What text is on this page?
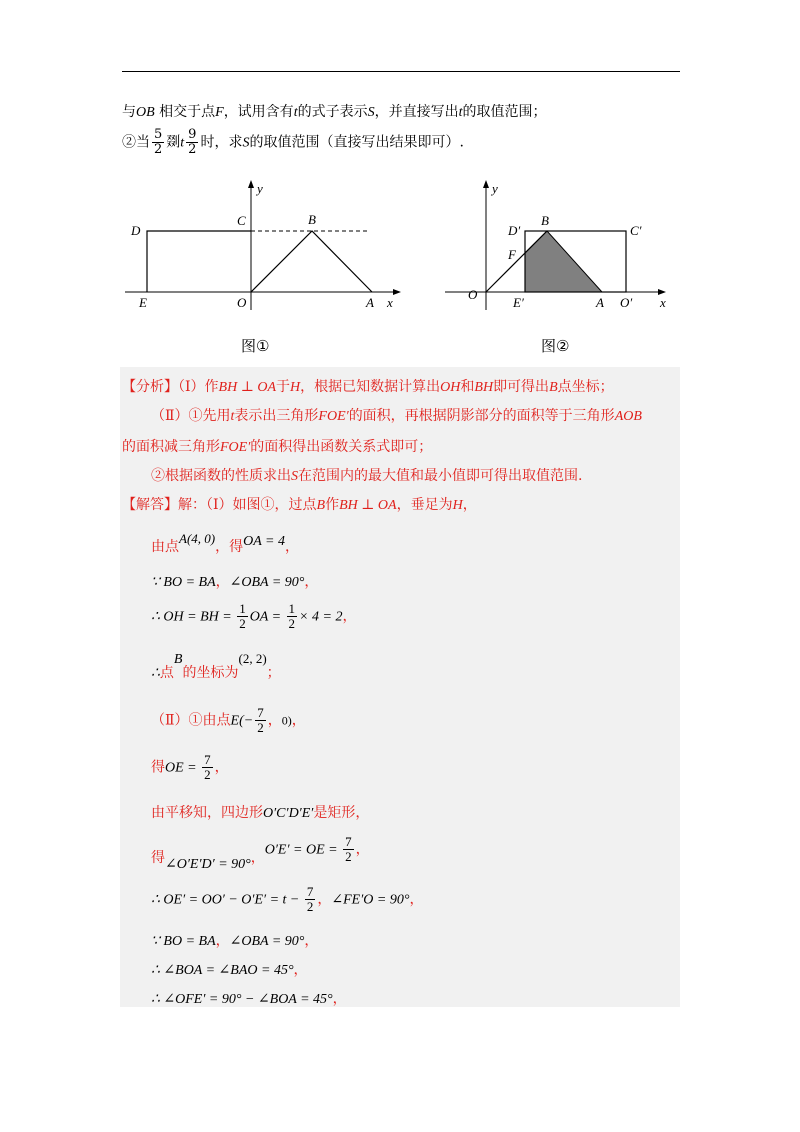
与OB 相交于点F，试用含有t的式子表示S，并直接写出t的取值范围；
②当 $\frac{5}{2}$ 剟t $\frac{9}{2}$ 时，求S的取值范围（直接写出结果即可）.
y
x
D
C	B
E	O	A
图①
y
x
D′
B
C′
F
O
E′	A O′
图②
【分析】（Ⅰ）作BH ⊥ OA于H，根据已知数据计算出OH和BH即可得出B点坐标；
（Ⅱ）①先用t表示出三角形FOE′的面积，再根据阴影部分的面积等于三角形AOB
的面积减三角形FOE′的面积得出函数关系式即可；
②根据函数的性质求出S在范围内的最大值和最小值即可得出取值范围.
【解答】解：（Ⅰ）如图①，过点B作BH ⊥ OA，垂足为H，
由点A(4, 0)，得OA = 4，
∵ BO = BA，∠OBA = 90°，
∴ OH = BH = $\frac{1}{2}$ OA = $\frac{1}{2} \times 4 = 2$，
∴点B的坐标为(2, 2)；
（Ⅱ）①由点$E(- \frac{7}{2}$ ，0)，
得OE = $\frac{7}{2}$ ，
由平移知，四边形O′C′D′E′是矩形，
得∠O′E′D′ = 90°，O′E′ = OE = $\frac{7}{2}$ ，
∴ $OE' = OO' - O'E' = t - \frac{7}{2}$ ，∠FE′O = 90°，
∵ BO = BA，∠OBA = 90°，
∴ ∠BOA = ∠BAO = 45°，
∴ ∠OFE′ = 90° − ∠BOA = 45°，
